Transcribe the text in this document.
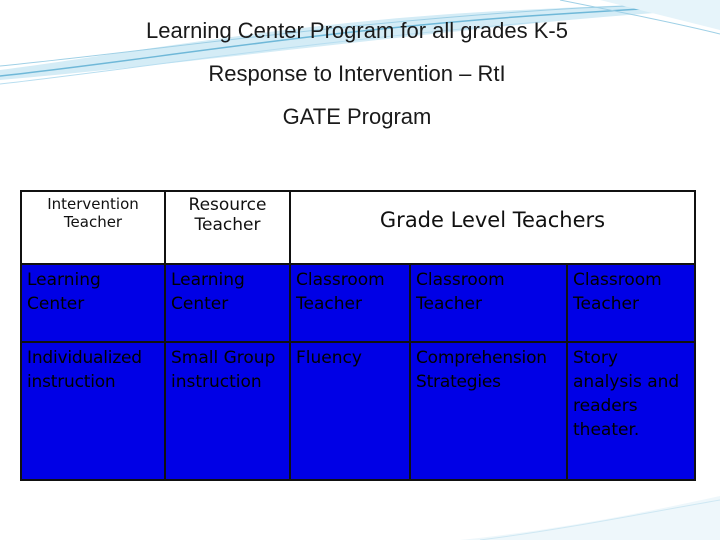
Learning Center Program for all grades K-5
Response to Intervention – RtI
GATE Program
Intervention Teacher	Resource Teacher	Grade Level Teachers		
Learning Center	Learning Center	Classroom Teacher	Classroom Teacher	Classroom Teacher
Individualized instruction	Small Group instruction	Fluency	Comprehension Strategies	Story analysis and readers theater.
